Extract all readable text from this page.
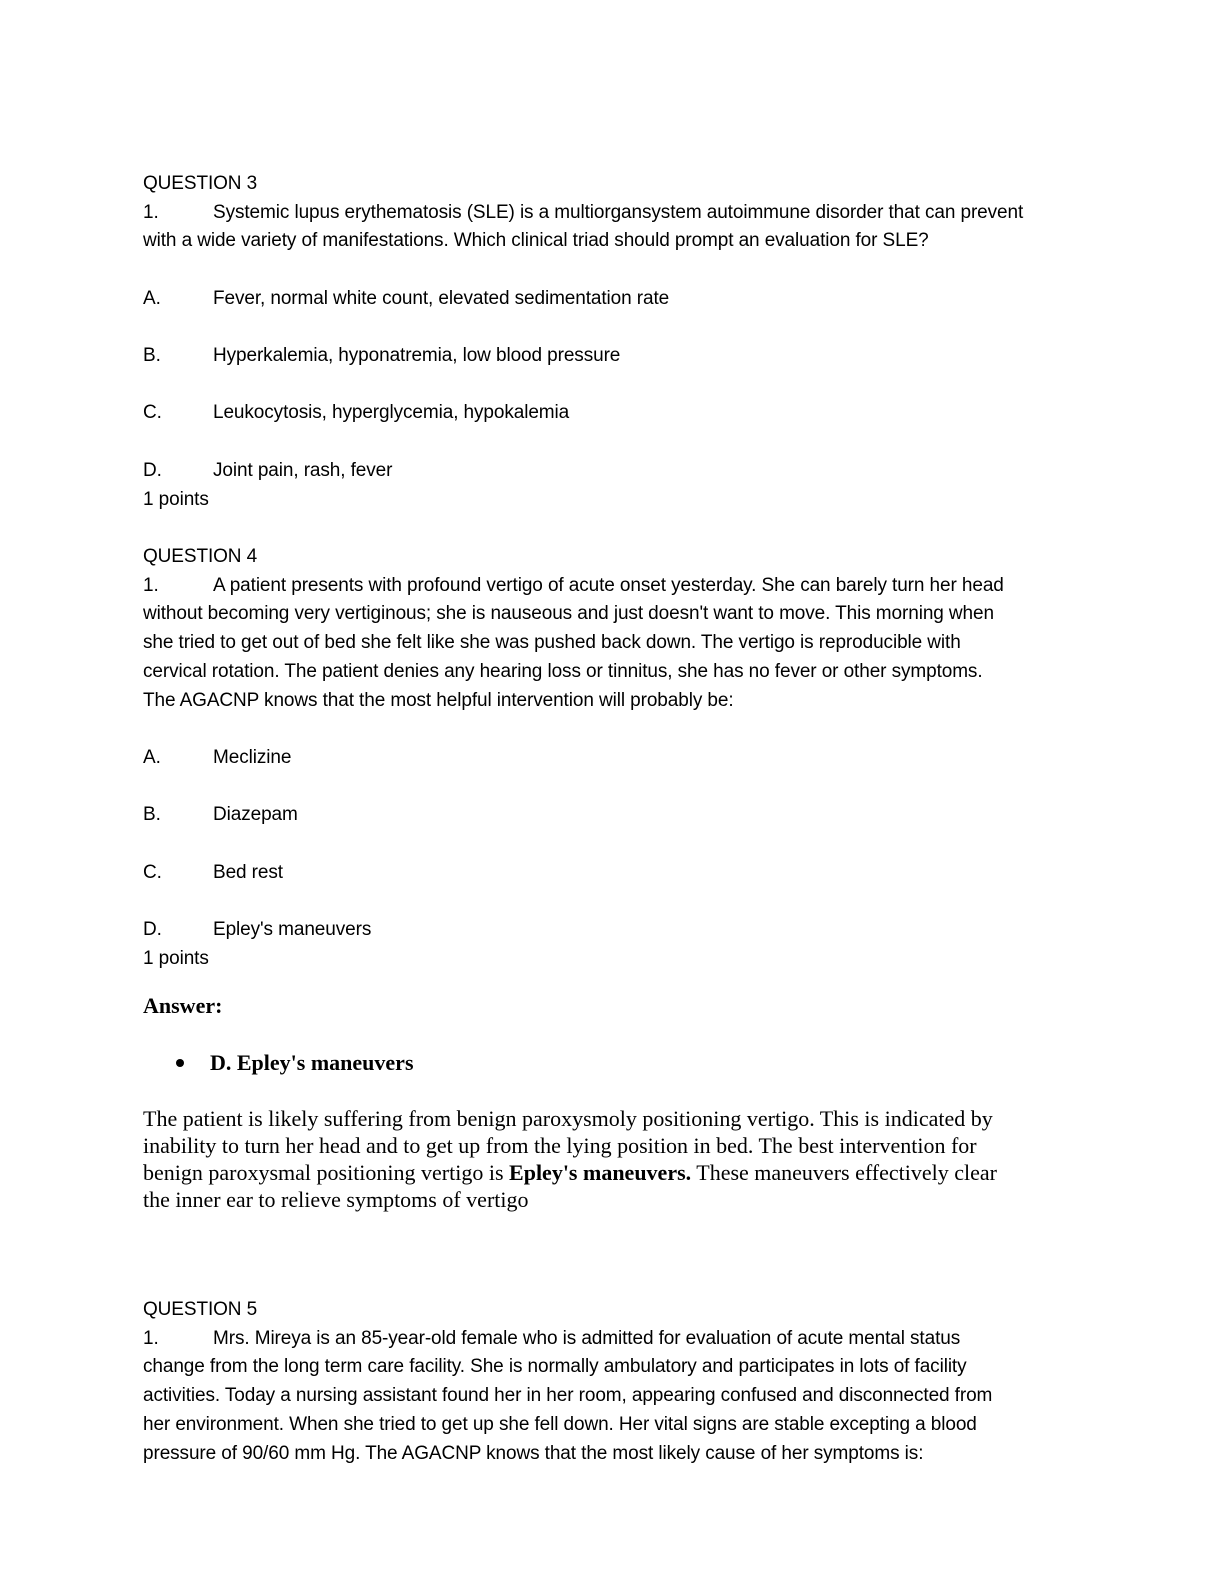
QUESTION 3
1.	Systemic lupus erythematosis (SLE) is a multiorgansystem autoimmune disorder that can prevent
with a wide variety of manifestations. Which clinical triad should prompt an evaluation for SLE?
A.	Fever, normal white count, elevated sedimentation rate
B.	Hyperkalemia, hyponatremia, low blood pressure
C.	Leukocytosis, hyperglycemia, hypokalemia
D.	Joint pain, rash, fever
1 points
QUESTION 4
1.	A patient presents with profound vertigo of acute onset yesterday. She can barely turn her head
without becoming very vertiginous; she is nauseous and just doesn't want to move. This morning when
she tried to get out of bed she felt like she was pushed back down. The vertigo is reproducible with
cervical rotation. The patient denies any hearing loss or tinnitus, she has no fever or other symptoms.
The AGACNP knows that the most helpful intervention will probably be:
A.	Meclizine
B.	Diazepam
C.	Bed rest
D.	Epley's maneuvers
1 points
Answer:
D. Epley's maneuvers

The patient is likely suffering from benign paroxysmoly positioning vertigo. This is indicated by

inability to turn her head and to get up from the lying position in bed. The best intervention for

benign paroxysmal positioning vertigo is Epley's maneuvers. These maneuvers effectively clear

the inner ear to relieve symptoms of vertigo

QUESTION 5
1.	Mrs. Mireya is an 85-year-old female who is admitted for evaluation of acute mental status
change from the long term care facility. She is normally ambulatory and participates in lots of facility
activities. Today a nursing assistant found her in her room, appearing confused and disconnected from
her environment. When she tried to get up she fell down. Her vital signs are stable excepting a blood
pressure of 90/60 mm Hg. The AGACNP knows that the most likely cause of her symptoms is:
